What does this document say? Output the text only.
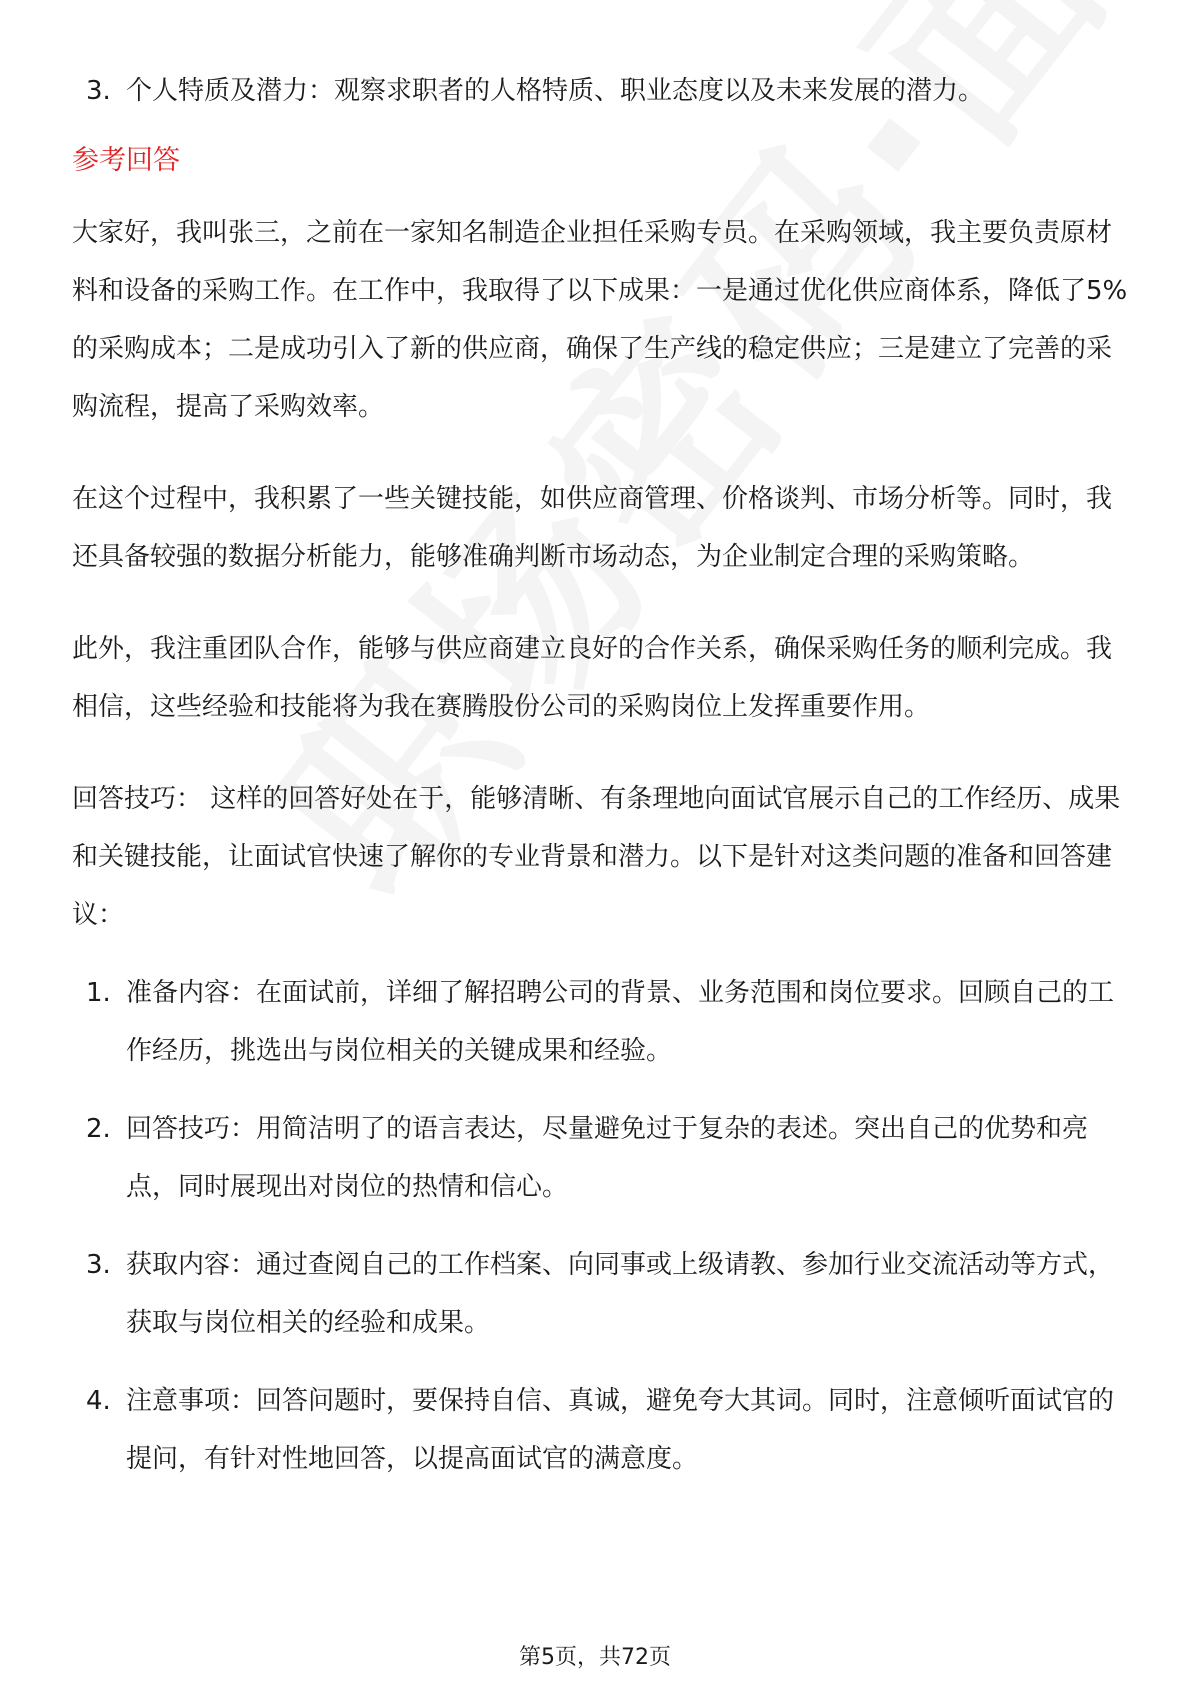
3. 个人特质及潜力：观察求职者的人格特质、职业态度以及未来发展的潜力。
参考回答
大家好，我叫张三，之前在一家知名制造企业担任采购专员。在采购领域，我主要负责原材料和设备的采购工作。在工作中，我取得了以下成果：一是通过优化供应商体系，降低了5%的采购成本；二是成功引入了新的供应商，确保了生产线的稳定供应；三是建立了完善的采购流程，提高了采购效率。
在这个过程中，我积累了一些关键技能，如供应商管理、价格谈判、市场分析等。同时，我还具备较强的数据分析能力，能够准确判断市场动态，为企业制定合理的采购策略。
此外，我注重团队合作，能够与供应商建立良好的合作关系，确保采购任务的顺利完成。我相信，这些经验和技能将为我在赛腾股份公司的采购岗位上发挥重要作用。
回答技巧： 这样的回答好处在于，能够清晰、有条理地向面试官展示自己的工作经历、成果和关键技能，让面试官快速了解你的专业背景和潜力。以下是针对这类问题的准备和回答建议：
1. 准备内容：在面试前，详细了解招聘公司的背景、业务范围和岗位要求。回顾自己的工作经历，挑选出与岗位相关的关键成果和经验。
2. 回答技巧：用简洁明了的语言表达，尽量避免过于复杂的表述。突出自己的优势和亮点，同时展现出对岗位的热情和信心。
3. 获取内容：通过查阅自己的工作档案、向同事或上级请教、参加行业交流活动等方式，获取与岗位相关的经验和成果。
4. 注意事项：回答问题时，要保持自信、真诚，避免夸大其词。同时，注意倾听面试官的提问，有针对性地回答，以提高面试官的满意度。
第5页，共72页
